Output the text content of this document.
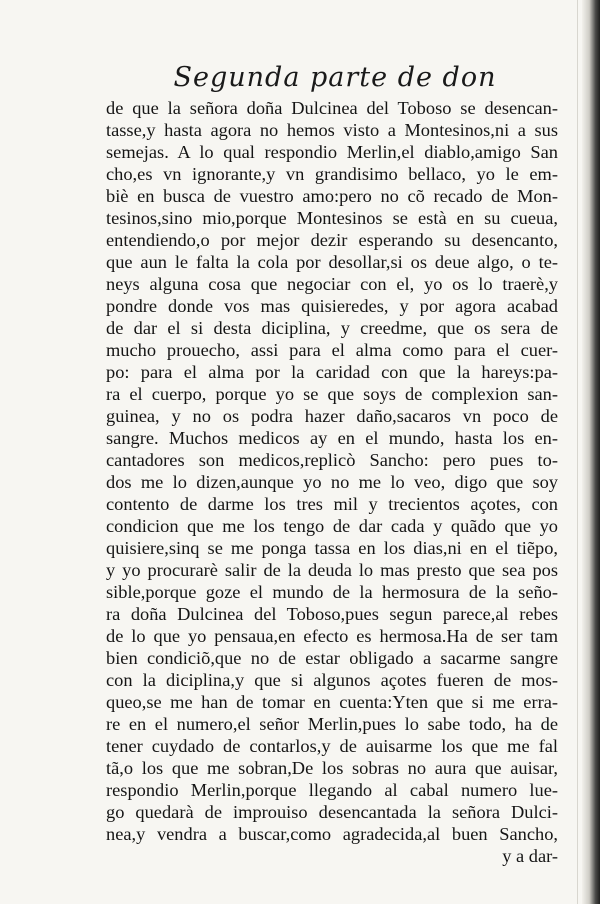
Segunda parte de don
de que la señora doña Dulcinea del Toboso se desencan-
tasse,y hasta agora no hemos visto a Montesinos,ni a sus
semejas. A lo qual respondio Merlin,el diablo,amigo San
cho,es vn ignorante,y vn grandisimo bellaco, yo le em-
biè en busca de vuestro amo:pero no cõ recado de Mon-
tesinos,sino mio,porque Montesinos se està en su cueua,
entendiendo,o por mejor dezir esperando su desencanto,
que aun le falta la cola por desollar,si os deue algo, o te-
neys alguna cosa que negociar con el, yo os lo traerè,y
pondre donde vos mas quisieredes, y por agora acabad
de dar el si desta diciplina, y creedme, que os sera de
mucho prouecho, assi para el alma como para el cuer-
po: para el alma por la caridad con que la hareys:pa-
ra el cuerpo, porque yo se que soys de complexion san-
guinea, y no os podra hazer daño,sacaros vn poco de
sangre. Muchos medicos ay en el mundo, hasta los en-
cantadores son medicos,replicò Sancho: pero pues to-
dos me lo dizen,aunque yo no me lo veo, digo que soy
contento de darme los tres mil y trecientos açotes, con
condicion que me los tengo de dar cada y quãdo que yo
quisiere,sinq se me ponga tassa en los dias,ni en el tiẽpo,
y yo procurarè salir de la deuda lo mas presto que sea pos
sible,porque goze el mundo de la hermosura de la seño-
ra doña Dulcinea del Toboso,pues segun parece,al rebes
de lo que yo pensaua,en efecto es hermosa.Ha de ser tam
bien condiciõ,que no de estar obligado a sacarme sangre
con la diciplina,y que si algunos açotes fueren de mos-
queo,se me han de tomar en cuenta:Yten que si me erra-
re en el numero,el señor Merlin,pues lo sabe todo, ha de
tener cuydado de contarlos,y de auisarme los que me fal
tã,o los que me sobran,De los sobras no aura que auisar,
respondio Merlin,porque llegando al cabal numero lue-
go quedarà de improuiso desencantada la señora Dulci-
nea,y vendra a buscar,como agradecida,al buen Sancho,
y a dar-
